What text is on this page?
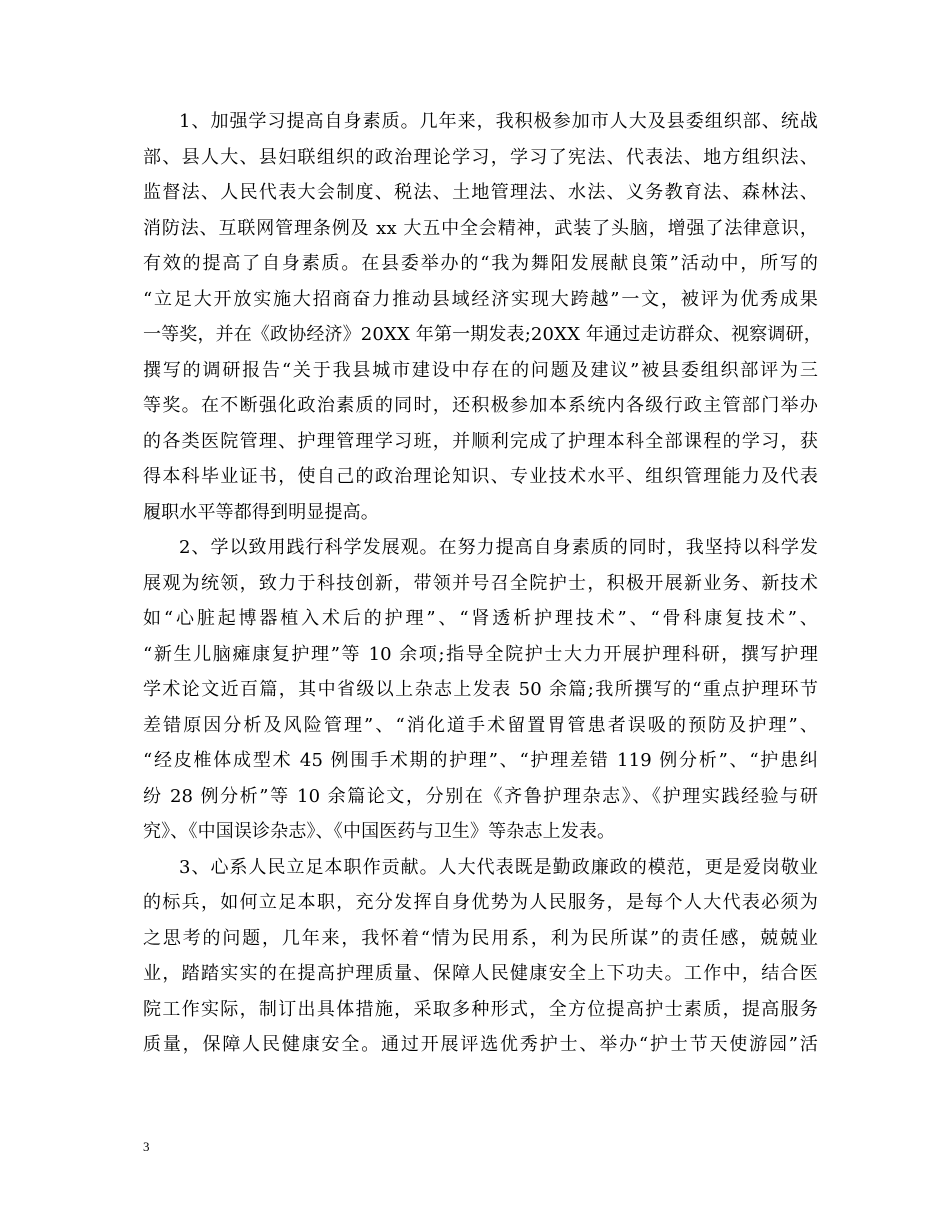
1、加强学习提高自身素质。几年来，我积极参加市人大及县委组织部、统战
部、县人大、县妇联组织的政治理论学习，学习了宪法、代表法、地方组织法、
监督法、人民代表大会制度、税法、土地管理法、水法、义务教育法、森林法、
消防法、互联网管理条例及 xx 大五中全会精神，武装了头脑，增强了法律意识，
有效的提高了自身素质。在县委举办的“我为舞阳发展献良策”活动中，所写的
“立足大开放实施大招商奋力推动县域经济实现大跨越”一文，被评为优秀成果
一等奖，并在《政协经济》20XX 年第一期发表;20XX 年通过走访群众、视察调研，
撰写的调研报告“关于我县城市建设中存在的问题及建议”被县委组织部评为三
等奖。在不断强化政治素质的同时，还积极参加本系统内各级行政主管部门举办
的各类医院管理、护理管理学习班，并顺利完成了护理本科全部课程的学习，获
得本科毕业证书，使自己的政治理论知识、专业技术水平、组织管理能力及代表
履职水平等都得到明显提高。
2、学以致用践行科学发展观。在努力提高自身素质的同时，我坚持以科学发
展观为统领，致力于科技创新，带领并号召全院护士，积极开展新业务、新技术
如“心脏起博器植入术后的护理”、“肾透析护理技术”、“骨科康复技术”、
“新生儿脑瘫康复护理”等 10 余项;指导全院护士大力开展护理科研，撰写护理
学术论文近百篇，其中省级以上杂志上发表 50 余篇;我所撰写的“重点护理环节
差错原因分析及风险管理”、“消化道手术留置胃管患者误吸的预防及护理”、
“经皮椎体成型术 45 例围手术期的护理”、“护理差错 119 例分析”、“护患纠
纷 28 例分析”等 10 余篇论文，分别在《齐鲁护理杂志》、《护理实践经验与研
究》、《中国误诊杂志》、《中国医药与卫生》等杂志上发表。
3、心系人民立足本职作贡献。人大代表既是勤政廉政的模范，更是爱岗敬业
的标兵，如何立足本职，充分发挥自身优势为人民服务，是每个人大代表必须为
之思考的问题，几年来，我怀着“情为民用系，利为民所谋”的责任感，兢兢业
业，踏踏实实的在提高护理质量、保障人民健康安全上下功夫。工作中，结合医
院工作实际，制订出具体措施，采取多种形式，全方位提高护士素质，提高服务
质量，保障人民健康安全。通过开展评选优秀护士、举办“护士节天使游园”活
3
